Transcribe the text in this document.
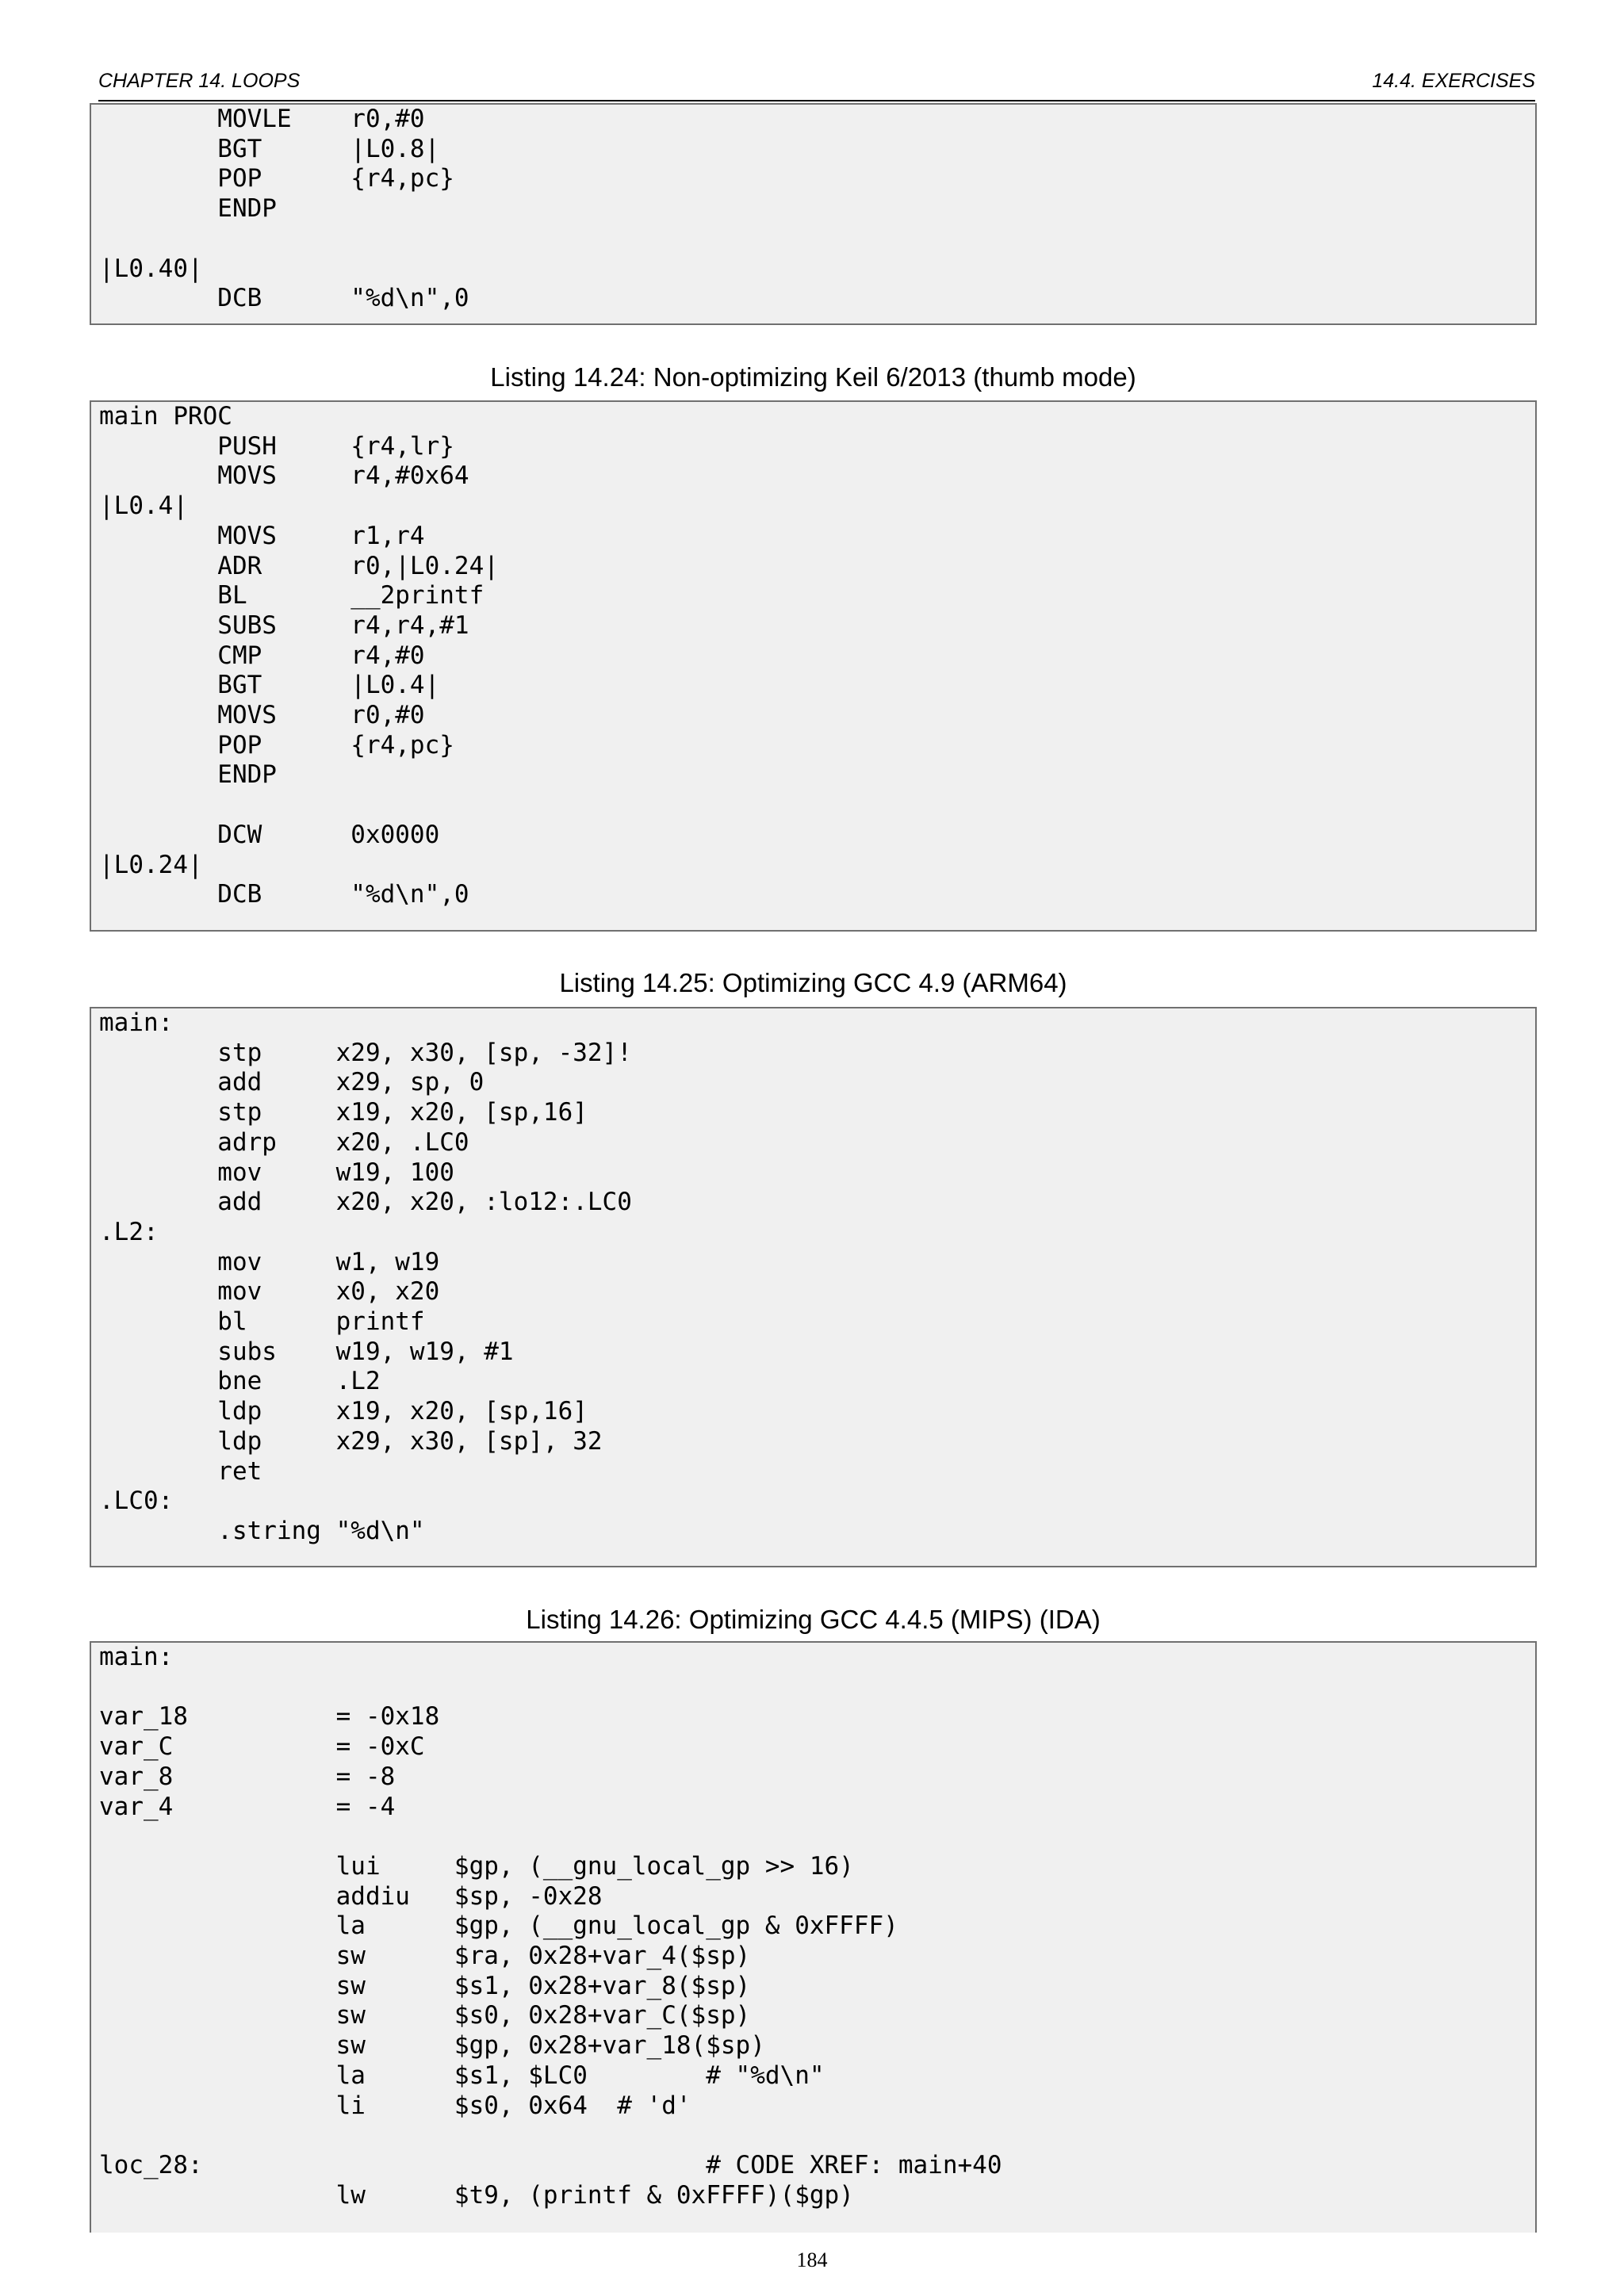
CHAPTER 14. LOOPS	14.4. EXERCISES
MOVLE    r0,#0
BGT      |L0.8|
POP      {r4,pc}
ENDP

|L0.40|
DCB      "%d\n",0
Listing 14.24: Non-optimizing Keil 6/2013 (thumb mode)
main PROC
PUSH     {r4,lr}
MOVS     r4,#0x64
|L0.4|
MOVS     r1,r4
ADR      r0,|L0.24|
BL       __2printf
SUBS     r4,r4,#1
CMP      r4,#0
BGT      |L0.4|
MOVS     r0,#0
POP      {r4,pc}
ENDP

DCW      0x0000
|L0.24|
DCB      "%d\n",0
Listing 14.25: Optimizing GCC 4.9 (ARM64)
main:
stp     x29, x30, [sp, -32]!
add     x29, sp, 0
stp     x19, x20, [sp,16]
adrp    x20, .LC0
mov     w19, 100
add     x20, x20, :lo12:.LC0
.L2:
mov     w1, w19
mov     x0, x20
bl      printf
subs    w19, w19, #1
bne     .L2
ldp     x19, x20, [sp,16]
ldp     x29, x30, [sp], 32
ret
.LC0:
.string "%d\n"
Listing 14.26: Optimizing GCC 4.4.5 (MIPS) (IDA)
main:

var_18          = -0x18
var_C           = -0xC
var_8           = -8
var_4           = -4

lui     $gp, (__gnu_local_gp >> 16)
addiu   $sp, -0x28
la      $gp, (__gnu_local_gp & 0xFFFF)
sw      $ra, 0x28+var_4($sp)
sw      $s1, 0x28+var_8($sp)
sw      $s0, 0x28+var_C($sp)
sw      $gp, 0x28+var_18($sp)
la      $s1, $LC0        # "%d\n"
li      $s0, 0x64  # 'd'

loc_28:                                  # CODE XREF: main+40
lw      $t9, (printf & 0xFFFF)($gp)
184
